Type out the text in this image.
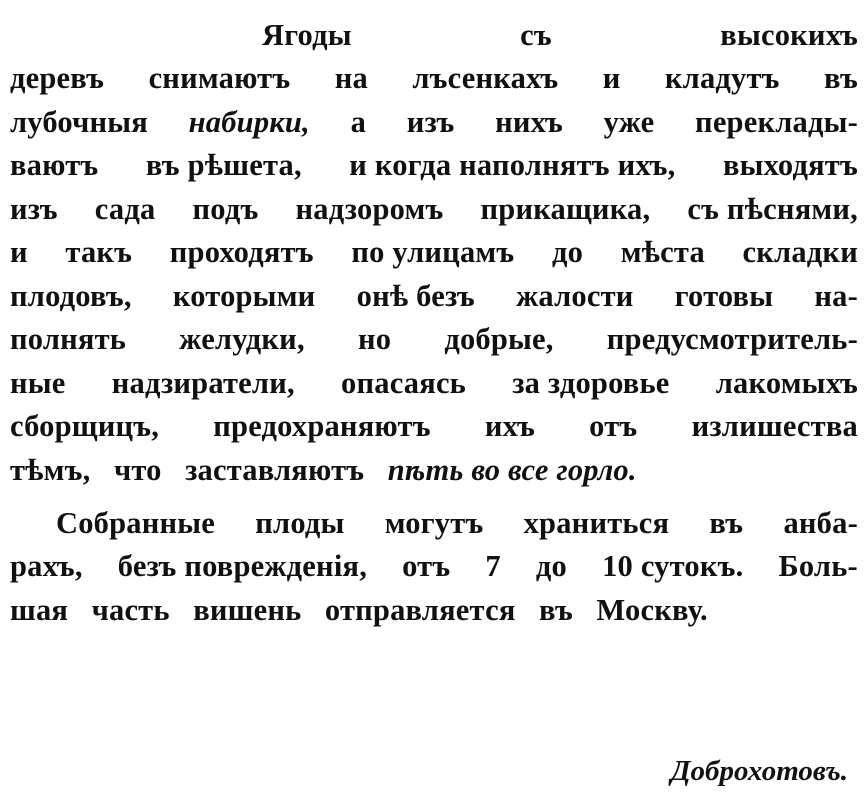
Ягоды	съ	высокихъ
деревъ снимаютъ на лъсенкахъ и кладутъ въ
лубочныя набирки, а изъ нихъ уже переклады-
ваютъ въ рѣшета, и когда наполнятъ ихъ, выходятъ
изъ сада подъ надзоромъ прикащика, съ пѣснями,
и такъ проходятъ по улицамъ до мѣста складки
плодовъ, которыми онѣ безъ жалости готовы на-
полнять желудки, но добрые, предусмотритель-
ные надзиратели, опасаясь за здоровье лакомыхъ
сборщицъ, предохраняютъ ихъ отъ излишества
тѣмъ, что заставляютъ пѣть во все горло.

Собранные плоды могутъ храниться въ анба-
рахъ, безъ поврежденія, отъ 7 до 10 сутокъ. Боль-
шая часть вишень отправляется въ Москву.

Доброхотовъ.
